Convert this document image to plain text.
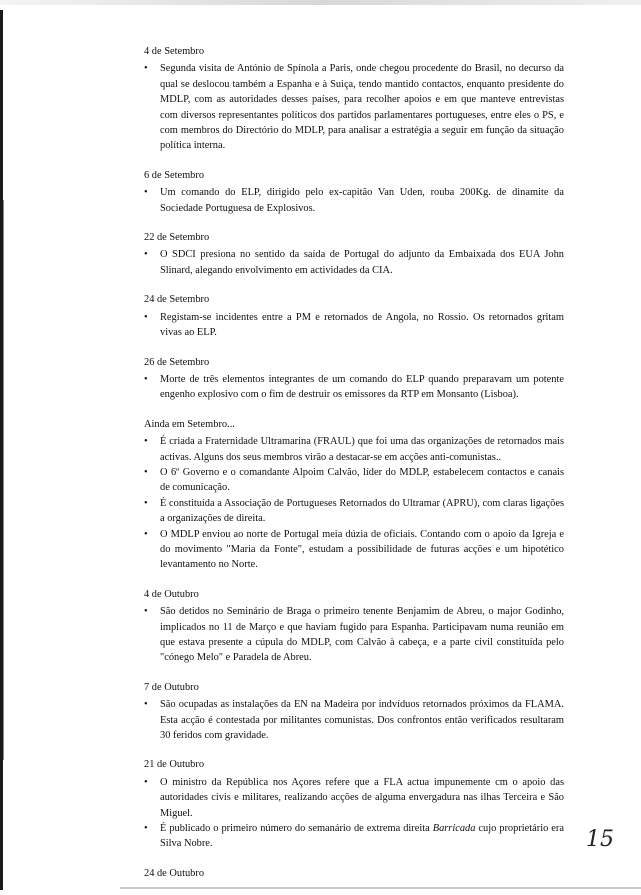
4 de Setembro
• Segunda visita de António de Spínola a Paris, onde chegou procedente do Brasil, no decurso da qual se deslocou também a Espanha e à Suiça, tendo mantido contactos, enquanto presidente do MDLP, com as autoridades desses países, para recolher apoios e em que manteve entrevistas com diversos representantes políticos dos partidos parlamentares portugueses, entre eles o PS, e com membros do Directório do MDLP, para analisar a estratégia a seguir em função da situação política interna.
6 de Setembro
• Um comando do ELP, dirigido pelo ex-capitão Van Uden, rouba 200Kg. de dinamite da Sociedade Portuguesa de Explosivos.
22 de Setembro
• O SDCI presiona no sentido da saída de Portugal do adjunto da Embaixada dos EUA John Slinard, alegando envolvimento em actividades da CIA.
24 de Setembro
• Registam-se incidentes entre a PM e retornados de Angola, no Rossio. Os retornados gritam vivas ao ELP.
26 de Setembro
• Morte de três elementos integrantes de um comando do ELP quando preparavam um potente engenho explosivo com o fim de destruir os emissores da RTP em Monsanto (Lisboa).
Ainda em Setembro...
• É criada a Fraternidade Ultramarina (FRAUL) que foi uma das organizações de retornados mais activas. Alguns dos seus membros virão a destacar-se em acções anti-comunistas..
• O 6º Governo e o comandante Alpoim Calvão, líder do MDLP, estabelecem contactos e canais de comunicação.
• É constituída a Associação de Portugueses Retornados do Ultramar (APRU), com claras ligações a organizações de direita.
• O MDLP enviou ao norte de Portugal meia dúzia de oficiais. Contando com o apoio da Igreja e do movimento "Maria da Fonte", estudam a possibilidade de futuras acções e um hipotético levantamento no Norte.
4 de Outubro
• São detidos no Seminário de Braga o primeiro tenente Benjamim de Abreu, o major Godinho, implicados no 11 de Março e que haviam fugido para Espanha. Participavam numa reunião em que estava presente a cúpula do MDLP, com Calvão à cabeça, e a parte civil constituída pelo "cónego Melo" e Paradela de Abreu.
7 de Outubro
• São ocupadas as instalações da EN na Madeira por indvíduos retornados próximos da FLAMA. Esta acção é contestada por militantes comunistas. Dos confrontos então verificados resultaram 30 feridos com gravidade.
21 de Outubro
• O ministro da República nos Açores refere que a FLA actua impunemente cm o apoio das autoridades civis e militares, realizando acções de alguma envergadura nas ilhas Terceira e São Miguel.
• É publicado o primeiro número do semanário de extrema direita Barricada cujo proprietário era Silva Nobre.
24 de Outubro
15
